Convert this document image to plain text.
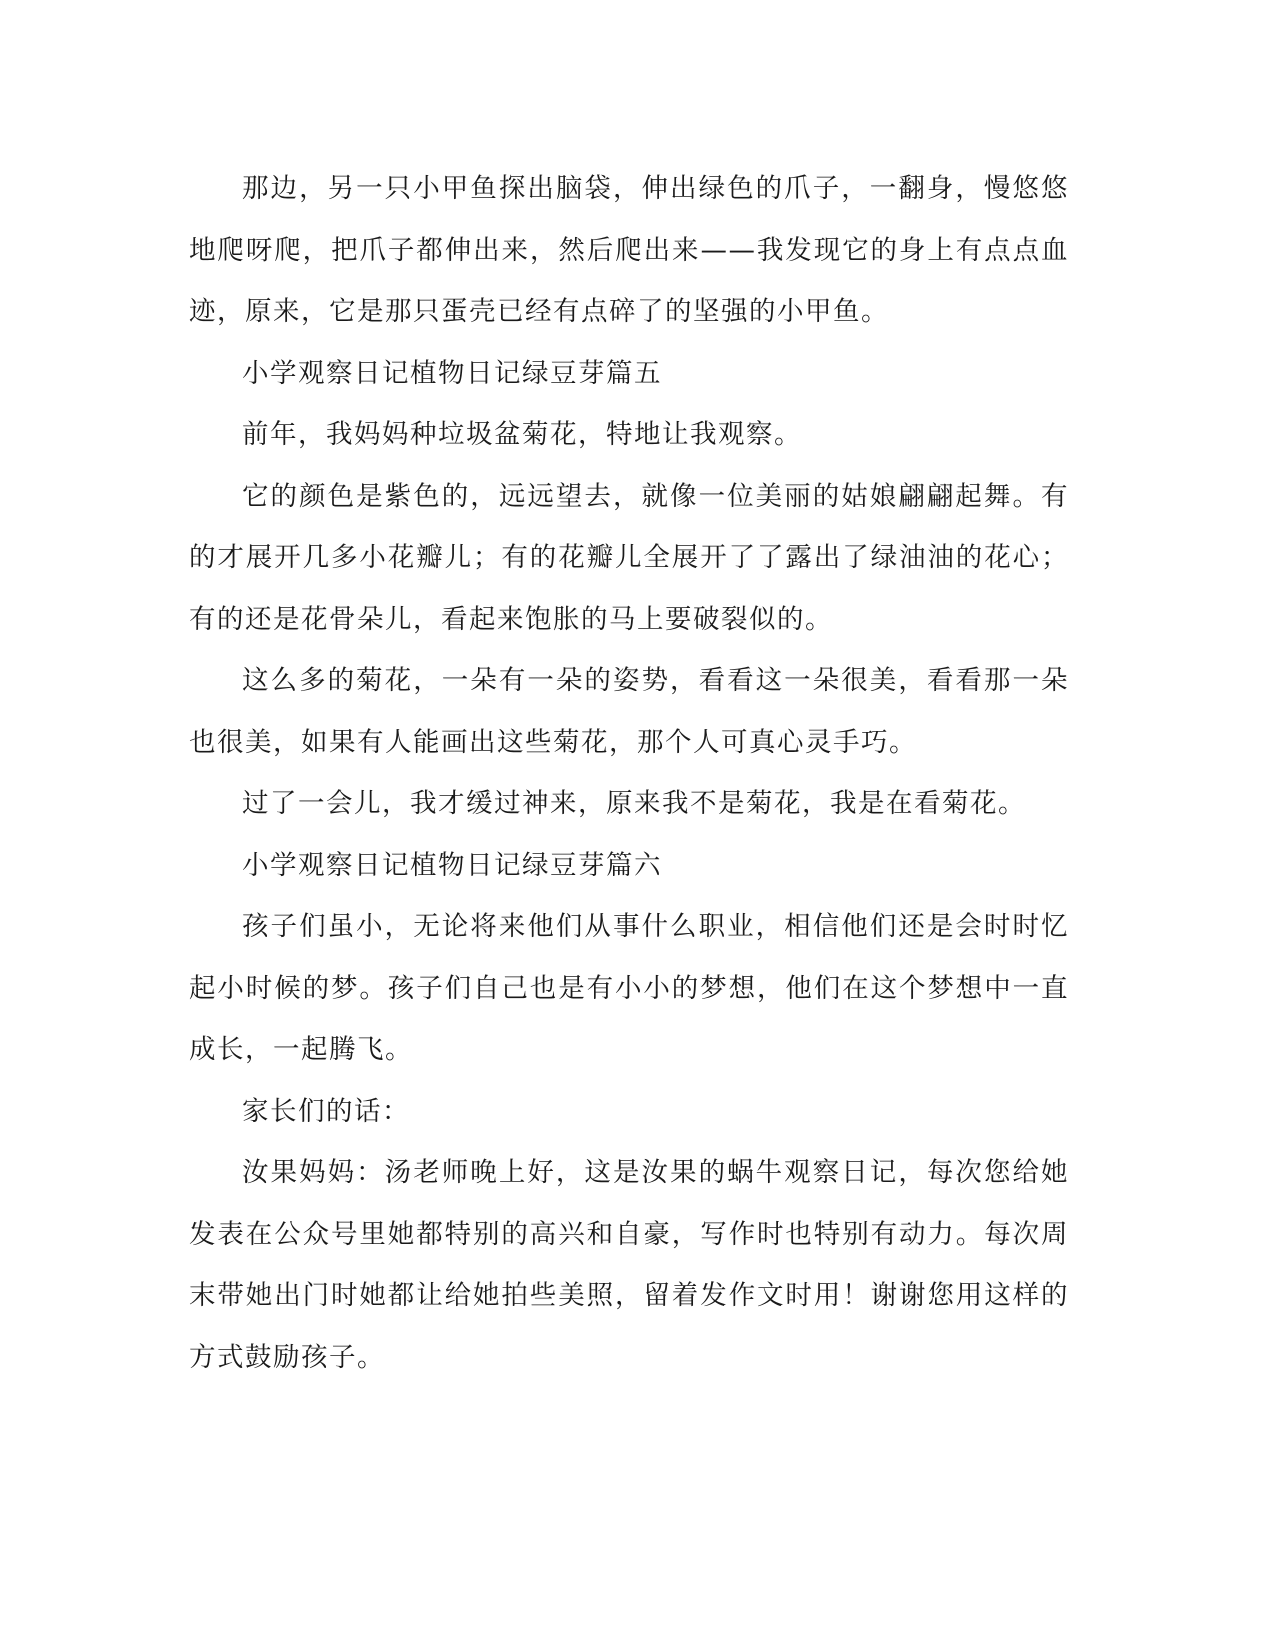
那边，另一只小甲鱼探出脑袋，伸出绿色的爪子，一翻身，慢悠悠地爬呀爬，把爪子都伸出来，然后爬出来——我发现它的身上有点点血迹，原来，它是那只蛋壳已经有点碎了的坚强的小甲鱼。

小学观察日记植物日记绿豆芽篇五

前年，我妈妈种垃圾盆菊花，特地让我观察。

它的颜色是紫色的，远远望去，就像一位美丽的姑娘翩翩起舞。有的才展开几多小花瓣儿；有的花瓣儿全展开了了露出了绿油油的花心；有的还是花骨朵儿，看起来饱胀的马上要破裂似的。

这么多的菊花，一朵有一朵的姿势，看看这一朵很美，看看那一朵也很美，如果有人能画出这些菊花，那个人可真心灵手巧。

过了一会儿，我才缓过神来，原来我不是菊花，我是在看菊花。

小学观察日记植物日记绿豆芽篇六

孩子们虽小，无论将来他们从事什么职业，相信他们还是会时时忆起小时候的梦。孩子们自己也是有小小的梦想，他们在这个梦想中一直成长，一起腾飞。

家长们的话：

汝果妈妈：汤老师晚上好，这是汝果的蜗牛观察日记，每次您给她发表在公众号里她都特别的高兴和自豪，写作时也特别有动力。每次周末带她出门时她都让给她拍些美照，留着发作文时用！谢谢您用这样的方式鼓励孩子。
